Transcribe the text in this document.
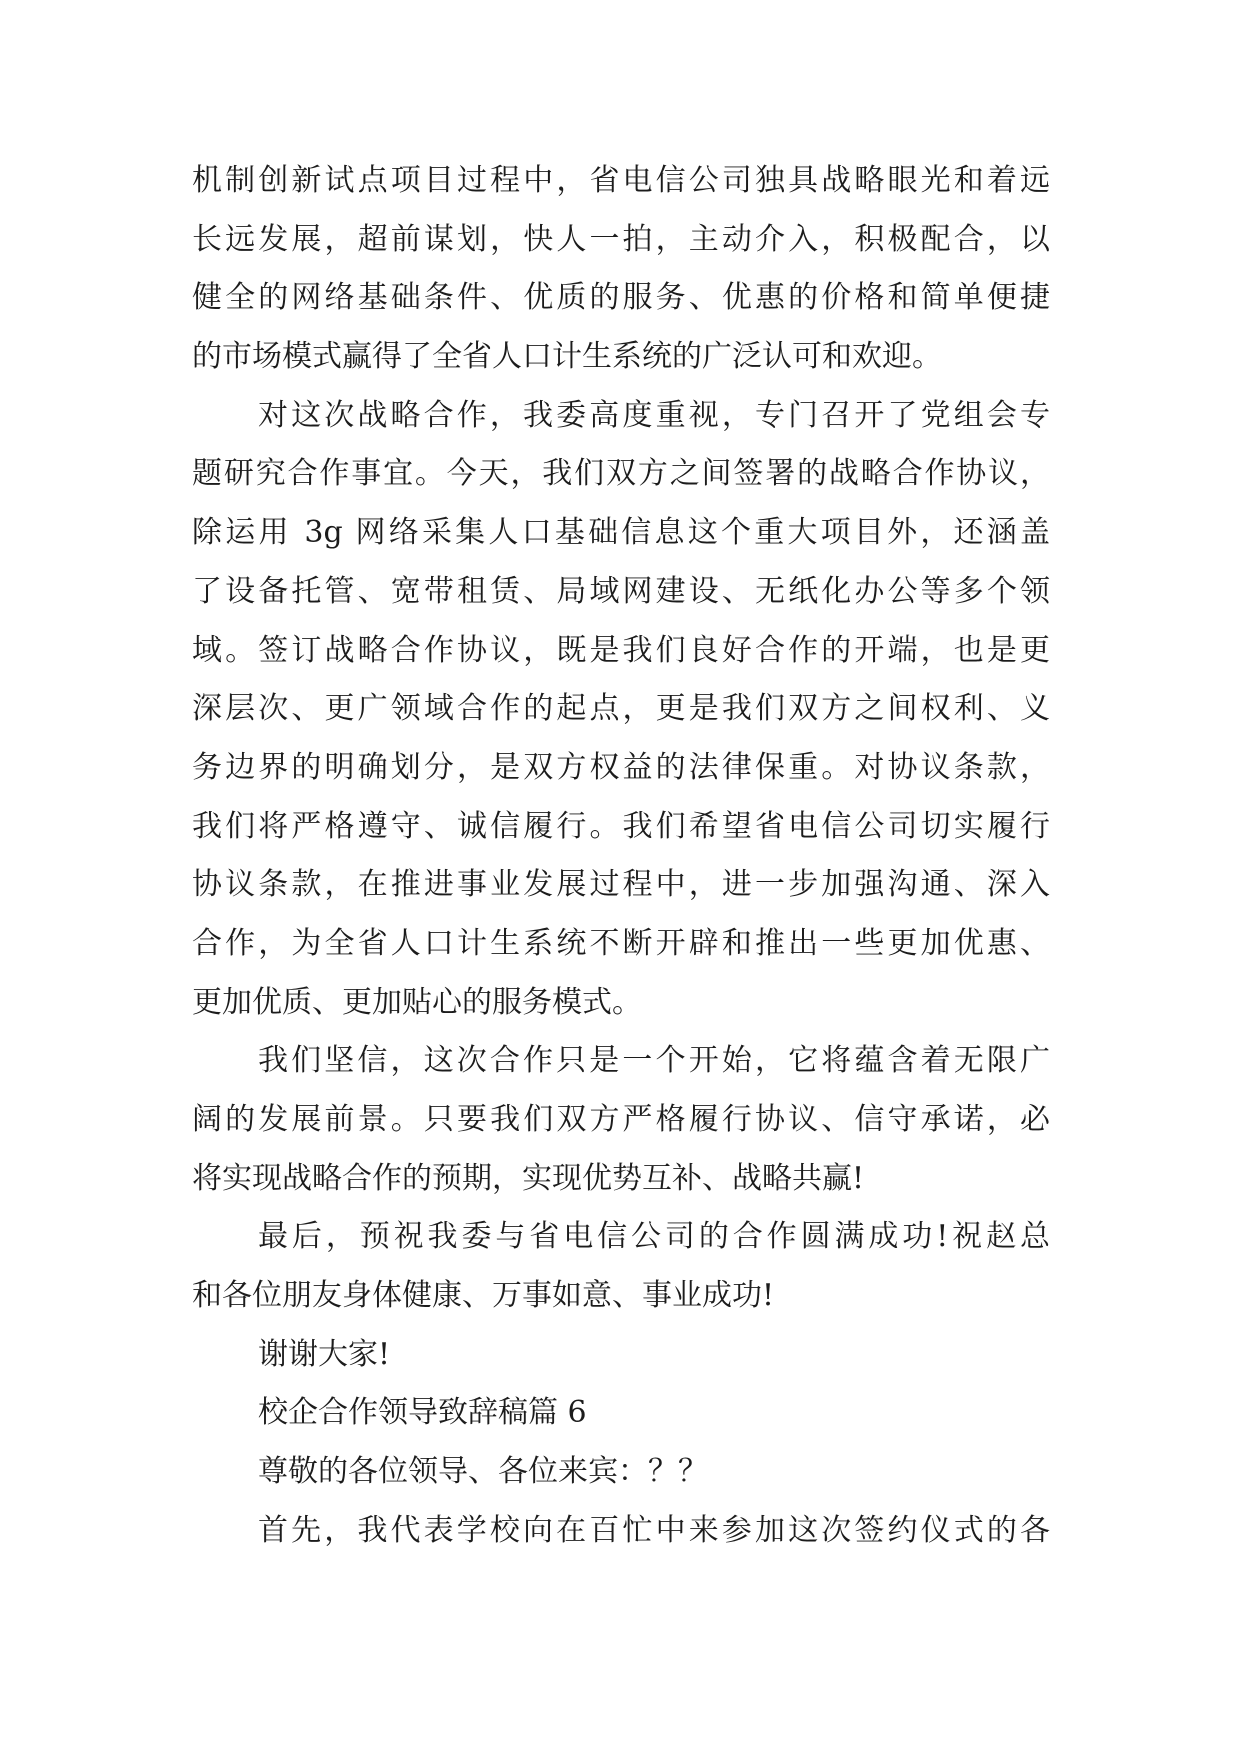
机制创新试点项目过程中，省电信公司独具战略眼光和着远
长远发展，超前谋划，快人一拍，主动介入，积极配合，以
健全的网络基础条件、优质的服务、优惠的价格和简单便捷
的市场模式赢得了全省人口计生系统的广泛认可和欢迎。
对这次战略合作，我委高度重视，专门召开了党组会专
题研究合作事宜。今天，我们双方之间签署的战略合作协议，
除运用 3g 网络采集人口基础信息这个重大项目外，还涵盖
了设备托管、宽带租赁、局域网建设、无纸化办公等多个领
域。签订战略合作协议，既是我们良好合作的开端，也是更
深层次、更广领域合作的起点，更是我们双方之间权利、义
务边界的明确划分，是双方权益的法律保重。对协议条款，
我们将严格遵守、诚信履行。我们希望省电信公司切实履行
协议条款，在推进事业发展过程中，进一步加强沟通、深入
合作，为全省人口计生系统不断开辟和推出一些更加优惠、
更加优质、更加贴心的服务模式。
我们坚信，这次合作只是一个开始，它将蕴含着无限广
阔的发展前景。只要我们双方严格履行协议、信守承诺，必
将实现战略合作的预期，实现优势互补、战略共赢!
最后，预祝我委与省电信公司的合作圆满成功!祝赵总
和各位朋友身体健康、万事如意、事业成功!
谢谢大家!
校企合作领导致辞稿篇 6
尊敬的各位领导、各位来宾：？？
首先，我代表学校向在百忙中来参加这次签约仪式的各
